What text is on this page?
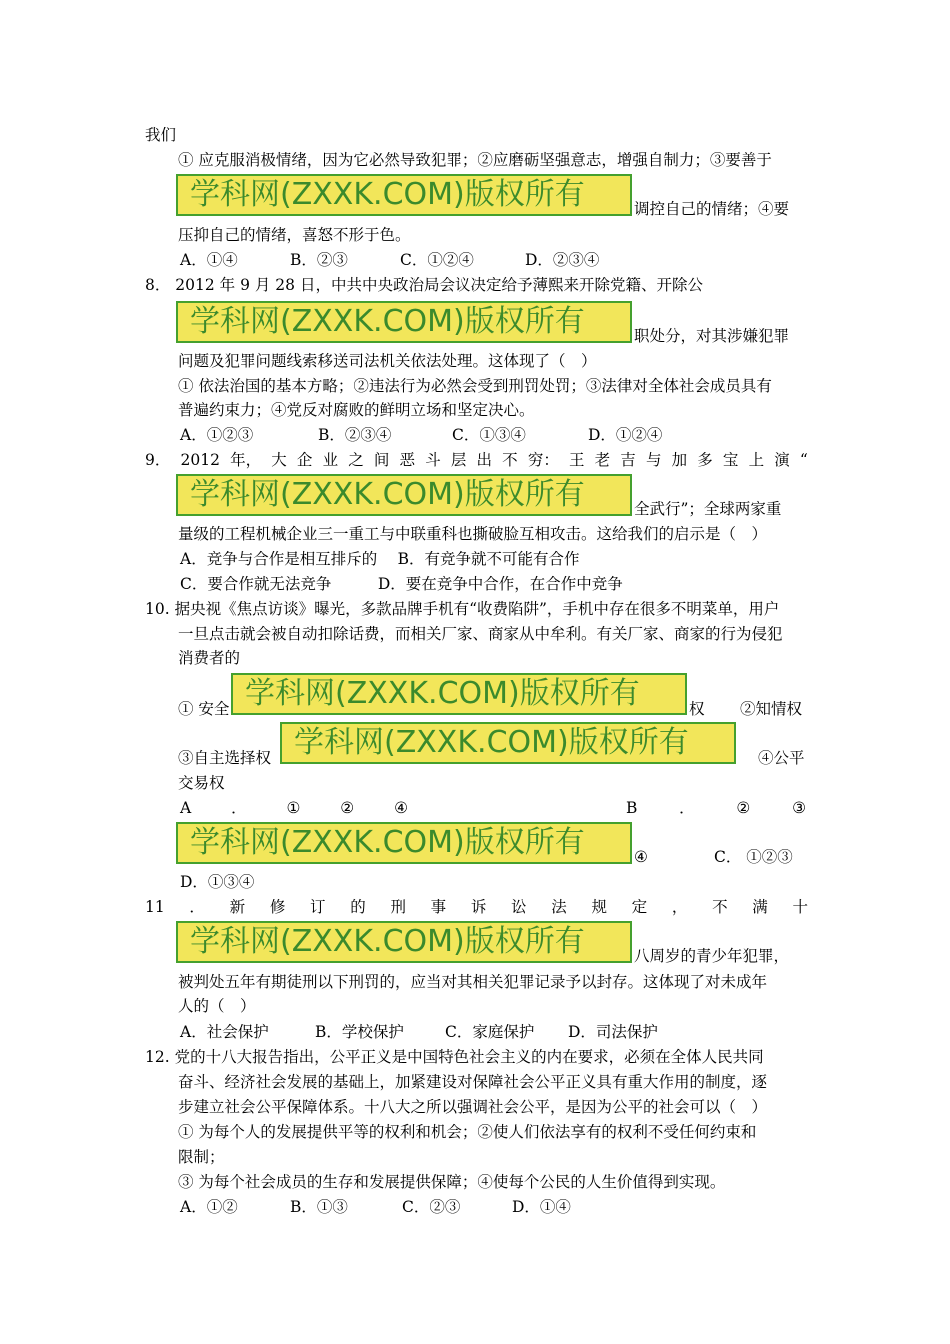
我们
① 应克服消极情绪，因为它必然导致犯罪；②应磨砺坚强意志，增强自制力；③要善于
学科网(ZXXK.COM)版权所有	调控自己的情绪；④要
压抑自己的情绪，喜怒不形于色。
A．①④	B．②③	C．①②④	D．②③④
8． 2012 年 9 月 28 日，中共中央政治局会议决定给予薄熙来开除党籍、开除公
学科网(ZXXK.COM)版权所有	职处分，对其涉嫌犯罪
问题及犯罪问题线索移送司法机关依法处理。这体现了（　）
① 依法治国的基本方略；②违法行为必然会受到刑罚处罚；③法律对全体社会成员具有
普遍约束力；④党反对腐败的鲜明立场和坚定决心。
A．①②③	B．②③④	C．①③④	D．①②④
9． 2012 年， 大 企 业 之 间 恶 斗 层 出 不 穷： 王 老 吉 与 加 多 宝 上 演 “
学科网(ZXXK.COM)版权所有	全武行”；全球两家重
量级的工程机械企业三一重工与中联重科也撕破脸互相攻击。这给我们的启示是（　）
A．竞争与合作是相互排斥的　 B．有竞争就不可能有合作
C．要合作就无法竞争　　　D．要在竞争中合作，在合作中竞争
10. 据央视《焦点访谈》曝光，多款品牌手机有“收费陷阱”，手机中存在很多不明菜单，用户
一旦点击就会被自动扣除话费，而相关厂家、商家从中牟利。有关厂家、商家的行为侵犯
消费者的
① 安全 学科网(ZXXK.COM)版权所有	权 ②知情权
③自主选择权 学科网(ZXXK.COM)版权所有	④公平
交易权
A	．	①	②	④	B	．	②	③
学科网(ZXXK.COM)版权所有	④	C． ①②③
D．①③④
11 ． 新 修 订 的 刑 事 诉 讼 法 规 定 ， 不 满 十
学科网(ZXXK.COM)版权所有	八周岁的青少年犯罪，
被判处五年有期徒刑以下刑罚的，应当对其相关犯罪记录予以封存。这体现了对未成年
人的（　）
A．社会保护	B．学校保护	C．家庭保护 D．司法保护
12. 党的十八大报告指出，公平正义是中国特色社会主义的内在要求，必须在全体人民共同
奋斗、经济社会发展的基础上，加紧建设对保障社会公平正义具有重大作用的制度，逐
步建立社会公平保障体系。十八大之所以强调社会公平，是因为公平的社会可以（　）
① 为每个人的发展提供平等的权利和机会；②使人们依法享有的权利不受任何约束和
限制；
③ 为每个社会成员的生存和发展提供保障；④使每个公民的人生价值得到实现。
A．①②	B．①③	C．②③	D．①④
